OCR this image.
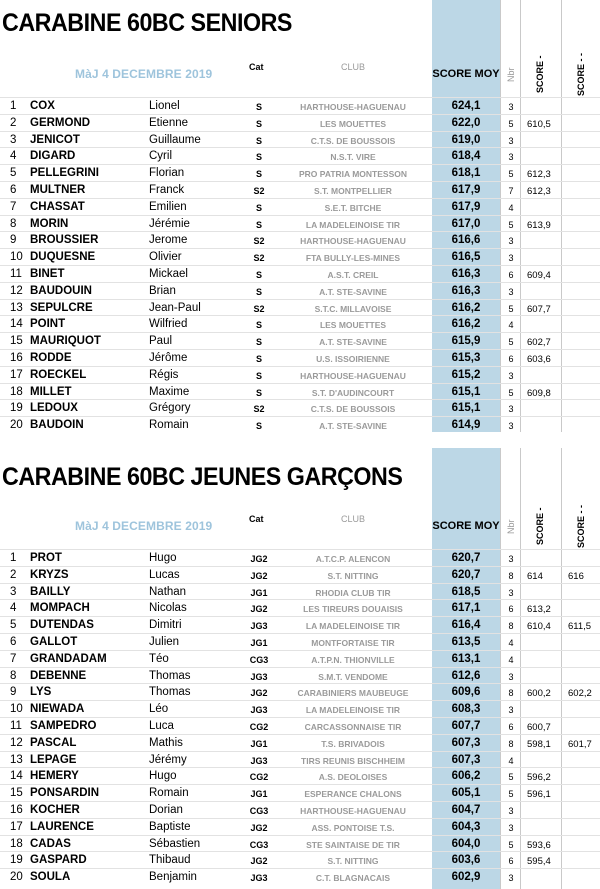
CARABINE 60BC SENIORS
MàJ 4 DECEMBRE 2019	Cat	CLUB
SCORE MOY Nbr SCORE -	SCORE - -
1	COX	Lionel	S	HARTHOUSE-HAGUENAU	624,1	3
2	GERMOND	Etienne	S	LES MOUETTES	622,0	5	610,5
3	JENICOT	Guillaume	S	C.T.S. DE BOUSSOIS	619,0	3
4	DIGARD	Cyril	S	N.S.T. VIRE	618,4	3
5	PELLEGRINI	Florian	S	PRO PATRIA MONTESSON	618,1	5	612,3
6	MULTNER	Franck	S2	S.T. MONTPELLIER	617,9	7	612,3
7	CHASSAT	Emilien	S	S.E.T. BITCHE	617,9	4
8	MORIN	Jérémie	S	LA MADELEINOISE TIR	617,0	5	613,9
9	BROUSSIER	Jerome	S2	HARTHOUSE-HAGUENAU	616,6	3
10 DUQUESNE	Olivier	S2	FTA BULLY-LES-MINES	616,5	3
11 BINET	Mickael	S	A.S.T. CREIL	616,3	6	609,4
12 BAUDOUIN	Brian	S	A.T. STE-SAVINE	616,3	3
13 SEPULCRE	Jean-Paul	S2	S.T.C. MILLAVOISE	616,2	5	607,7
14 POINT	Wilfried	S	LES MOUETTES	616,2	4
15 MAURIQUOT	Paul	S	A.T. STE-SAVINE	615,9	5	602,7
16 RODDE	Jérôme	S	U.S. ISSOIRIENNE	615,3	6	603,6
17 ROECKEL	Régis	S	HARTHOUSE-HAGUENAU	615,2	3
18 MILLET	Maxime	S	S.T. D'AUDINCOURT	615,1	5	609,8
19 LEDOUX	Grégory	S2	C.T.S. DE BOUSSOIS	615,1	3
20 BAUDOIN	Romain	S	A.T. STE-SAVINE	614,9	3
CARABINE 60BC JEUNES GARÇONS
MàJ 4 DECEMBRE 2019	Cat	CLUB
SCORE MOY Nbr SCORE -	SCORE - -
1	PROT	Hugo	JG2	A.T.C.P. ALENCON	620,7	3
2	KRYZS	Lucas	JG2	S.T. NITTING	620,7	8	614	616
3	BAILLY	Nathan	JG1	RHODIA CLUB TIR	618,5	3
4	MOMPACH	Nicolas	JG2	LES TIREURS DOUAISIS	617,1	6	613,2
5	DUTENDAS	Dimitri	JG3	LA MADELEINOISE TIR	616,4	8	610,4 611,5
6	GALLOT	Julien	JG1	MONTFORTAISE TIR	613,5	4
7	GRANDADAM	Téo	CG3	A.T.P.N. THIONVILLE	613,1	4
8	DEBENNE	Thomas	JG3	S.M.T. VENDOME	612,6	3
9	LYS	Thomas	JG2	CARABINIERS MAUBEUGE	609,6	8	600,2 602,2
10 NIEWADA	Léo	JG3	LA MADELEINOISE TIR	608,3	3
11 SAMPEDRO	Luca	CG2	CARCASSONNAISE TIR	607,7	6	600,7
12 PASCAL	Mathis	JG1	T.S. BRIVADOIS	607,3	8	598,1 601,7
13 LEPAGE	Jérémy	JG3	TIRS REUNIS BISCHHEIM	607,3	4
14 HEMERY	Hugo	CG2	A.S. DEOLOISES	606,2	5	596,2
15 PONSARDIN	Romain	JG1	ESPERANCE CHALONS	605,1	5	596,1
16 KOCHER	Dorian	CG3	HARTHOUSE-HAGUENAU	604,7	3
17 LAURENCE	Baptiste	JG2	ASS. PONTOISE T.S.	604,3	3
18 CADAS	Sébastien	CG3	STE SAINTAISE DE TIR	604,0	5	593,6
19 GASPARD	Thibaud	JG2	S.T. NITTING	603,6	6	595,4
20 SOULA	Benjamin	JG3	C.T. BLAGNACAIS	602,9	3
